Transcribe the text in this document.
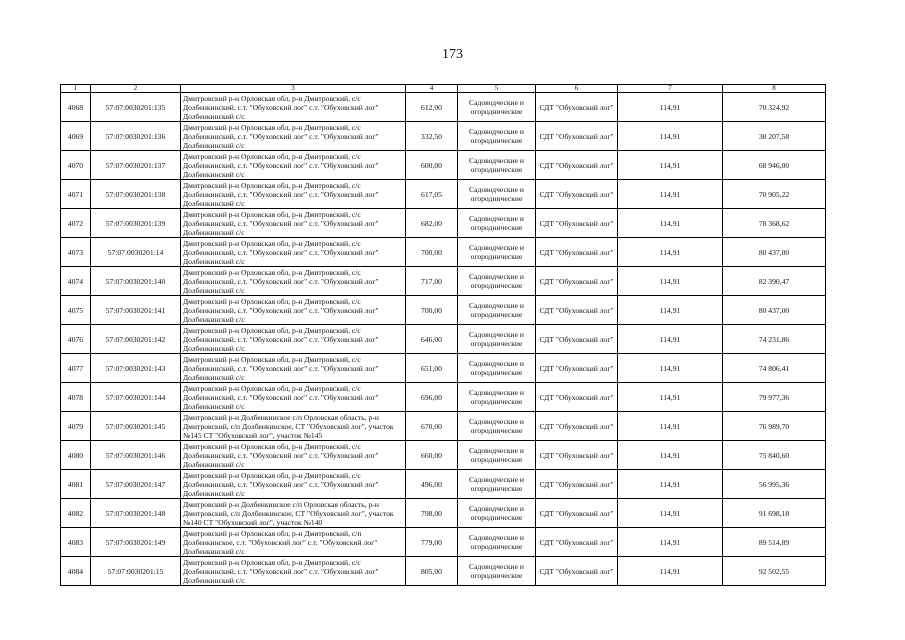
173
1	2	3	4	5	6	7	8
4068	57:07:0030201:135	Дмитровский р-н Орловская обл, р-н Дмитровский, с/с Долбенкинский, с.т. "Обуховский лог" с.т. "Обуховский лог" Долбенкинский с/с	612,00	Садоводческие и огороднические	СДТ "Обуховский лог"	114,91	70 324,92
4069	57:07:0030201:136	Дмитровский р-н Орловская обл, р-н Дмитровский, с/с Долбенкинский, с.т. "Обуховский лог" с.т. "Обуховский лог" Долбенкинский с/с	332,50	Садоводческие и огороднические	СДТ "Обуховский лог"	114,91	38 207,58
4070	57:07:0030201:137	Дмитровский р-н Орловская обл, р-н Дмитровский, с/с Долбенкинский, с.т. "Обуховский лог" с.т. "Обуховский лог" Долбенкинский с/с	600,00	Садоводческие и огороднические	СДТ "Обуховский лог"	114,91	68 946,00
4071	57:07:0030201:138	Дмитровский р-н Орловская обл, р-н Дмитровский, с/с Долбенкинский, с.т. "Обуховский лог" с.т. "Обуховский лог" Долбенкинский с/с	617,05	Садоводческие и огороднические	СДТ "Обуховский лог"	114,91	70 905,22
4072	57:07:0030201:139	Дмитровский р-н Орловская обл, р-н Дмитровский, с/с Долбенкинский, с.т. "Обуховский лог" с.т. "Обуховский лог" Долбенкинский с/с	682,00	Садоводческие и огороднические	СДТ "Обуховский лог"	114,91	78 368,62
4073	57:07:0030201:14	Дмитровский р-н Орловская обл, р-н Дмитровский, с/с Долбенкинский, с.т. "Обуховский лог" с.т. "Обуховский лог" Долбенкинский с/с	700,00	Садоводческие и огороднические	СДТ "Обуховский лог"	114,91	80 437,00
4074	57:07:0030201:140	Дмитровский р-н Орловская обл, р-н Дмитровский, с/с Долбенкинский, с.т. "Обуховский лог" с.т. "Обуховский лог" Долбенкинский с/с	717,00	Садоводческие и огороднические	СДТ "Обуховский лог"	114,91	82 390,47
4075	57:07:0030201:141	Дмитровский р-н Орловская обл, р-н Дмитровский, с/с Долбенкинский, с.т. "Обуховский лог" с.т. "Обуховский лог" Долбенкинский с/с	700,00	Садоводческие и огороднические	СДТ "Обуховский лог"	114,91	80 437,00
4076	57:07:0030201:142	Дмитровский р-н Орловская обл, р-н Дмитровский, с/с Долбенкинский, с.т. "Обуховский лог" с.т. "Обуховский лог" Долбенкинский с/с	646,00	Садоводческие и огороднические	СДТ "Обуховский лог"	114,91	74 231,86
4077	57:07:0030201:143	Дмитровский р-н Орловская обл, р-н Дмитровский, с/с Долбенкинский, с.т. "Обуховский лог" с.т. "Обуховский лог" Долбенкинский с/с	651,00	Садоводческие и огороднические	СДТ "Обуховский лог"	114,91	74 806,41
4078	57:07:0030201:144	Дмитровский р-н Орловская обл, р-н Дмитровский, с/с Долбенкинский, с.т. "Обуховский лог" с.т. "Обуховский лог" Долбенкинский с/с	696,00	Садоводческие и огороднические	СДТ "Обуховский лог"	114,91	79 977,36
4079	57:07:0030201:145	Дмитровский р-н Долбенкинское с/п Орловская область, р-н Дмитровский, с/п Долбенкинское, СТ "Обуховский лог", участок №145 СТ "Обуховский лог", участок №145	670,00	Садоводческие и огороднические	СДТ "Обуховский лог"	114,91	76 989,70
4080	57:07:0030201:146	Дмитровский р-н Орловская обл, р-н Дмитровский, с/с Долбенкинский, с.т. "Обуховский лог" с.т. "Обуховский лог" Долбенкинский с/с	660,00	Садоводческие и огороднические	СДТ "Обуховский лог"	114,91	75 840,60
4081	57:07:0030201:147	Дмитровский р-н Орловская обл, р-н Дмитровский, с/с Долбенкинский, с.т. "Обуховский лог" с.т. "Обуховский лог" Долбенкинский с/с	496,00	Садоводческие и огороднические	СДТ "Обуховский лог"	114,91	56 995,36
4082	57:07:0030201:148	Дмитровский р-н Долбенкинское с/п Орловская область, р-н Дмитровский, с/п Долбенкинское, СТ "Обуховский лог", участок №140 СТ "Обуховский лог", участок №140	798,00	Садоводческие и огороднические	СДТ "Обуховский лог"	114,91	91 698,18
4083	57:07:0030201:149	Дмитровский р-н Орловская обл, р-н Дмитровский, с/п Долбенкинское, с.т. "Обуховский лог" с.т. "Обуховский лог" Долбенкинский с/с	779,00	Садоводческие и огороднические	СДТ "Обуховский лог"	114,91	89 514,89
4084	57:07:0030201:15	Дмитровский р-н Орловская обл, р-н Дмитровский, с/с Долбенкинский, с.т. "Обуховский лог" с.т. "Обуховский лог" Долбенкинский с/с	805,00	Садоводческие и огороднические	СДТ "Обуховский лог"	114,91	92 502,55
